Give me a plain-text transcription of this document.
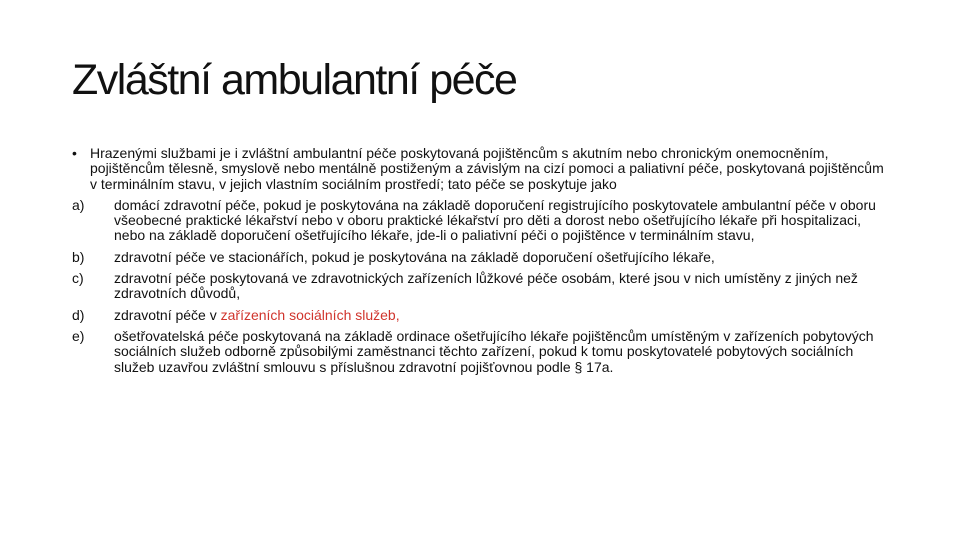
Zvláštní ambulantní péče
• Hrazenými službami je i zvláštní ambulantní péče poskytovaná pojištěncům s akutním nebo chronickým onemocněním, pojištěncům tělesně, smyslově nebo mentálně postiženým a závislým na cizí pomoci a paliativní péče, poskytovaná pojištěncům v terminálním stavu, v jejich vlastním sociálním prostředí; tato péče se poskytuje jako
a) domácí zdravotní péče, pokud je poskytována na základě doporučení registrujícího poskytovatele ambulantní péče v oboru všeobecné praktické lékařství nebo v oboru praktické lékařství pro děti a dorost nebo ošetřujícího lékaře při hospitalizaci, nebo na základě doporučení ošetřujícího lékaře, jde-li o paliativní péči o pojištěnce v terminálním stavu,
b) zdravotní péče ve stacionářích, pokud je poskytována na základě doporučení ošetřujícího lékaře,
c) zdravotní péče poskytovaná ve zdravotnických zařízeních lůžkové péče osobám, které jsou v nich umístěny z jiných než zdravotních důvodů,
d) zdravotní péče v zařízeních sociálních služeb,
e) ošetřovatelská péče poskytovaná na základě ordinace ošetřujícího lékaře pojištěncům umístěným v zařízeních pobytových sociálních služeb odborně způsobilými zaměstnanci těchto zařízení, pokud k tomu poskytovatelé pobytových sociálních služeb uzavřou zvláštní smlouvu s příslušnou zdravotní pojišťovnou podle § 17a.
